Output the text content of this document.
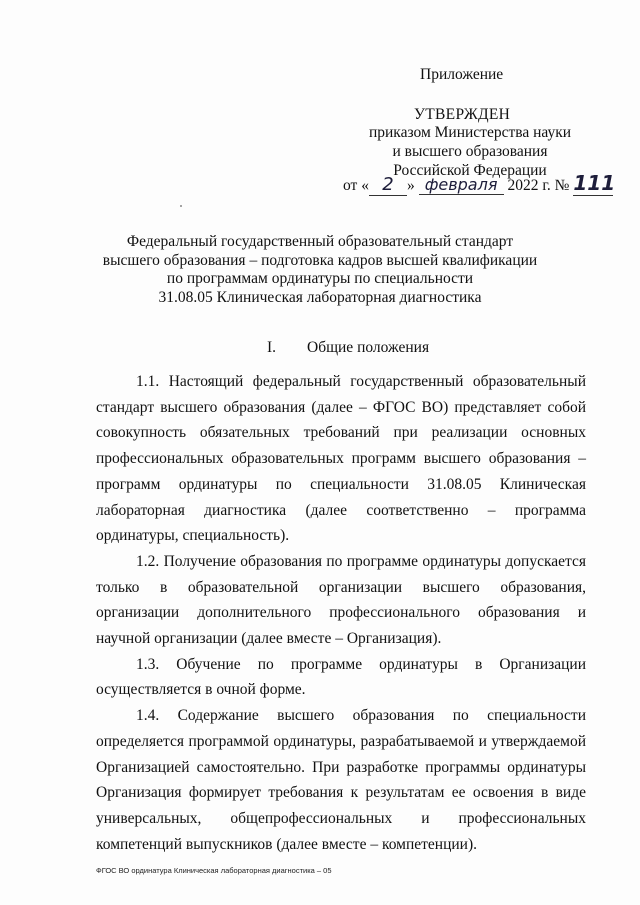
Приложение
УТВЕРЖДЕН
приказом Министерства науки
и высшего образования
Российской Федерации
от « 2 » февраля 2022 г. № 111
Федеральный государственный образовательный стандарт
высшего образования – подготовка кадров высшей квалификации
по программам ординатуры по специальности
31.08.05 Клиническая лабораторная диагностика
I. Общие положения

1.1. Настоящий федеральный государственный образовательный стандарт высшего образования (далее – ФГОС ВО) представляет собой совокупность обязательных требований при реализации основных профессиональных образовательных программ высшего образования – программ ординатуры по специальности 31.08.05 Клиническая лабораторная диагностика (далее соответственно – программа ординатуры, специальность).

1.2. Получение образования по программе ординатуры допускается только в образовательной организации высшего образования, организации дополнительного профессионального образования и научной организации (далее вместе – Организация).

1.3. Обучение по программе ординатуры в Организации осуществляется в очной форме.

1.4. Содержание высшего образования по специальности определяется программой ординатуры, разрабатываемой и утверждаемой Организацией самостоятельно. При разработке программы ординатуры Организация формирует требования к результатам ее освоения в виде универсальных, общепрофессиональных и профессиональных компетенций выпускников (далее вместе – компетенции).

ФГОС ВО ординатура Клиническая лабораторная диагностика – 05
